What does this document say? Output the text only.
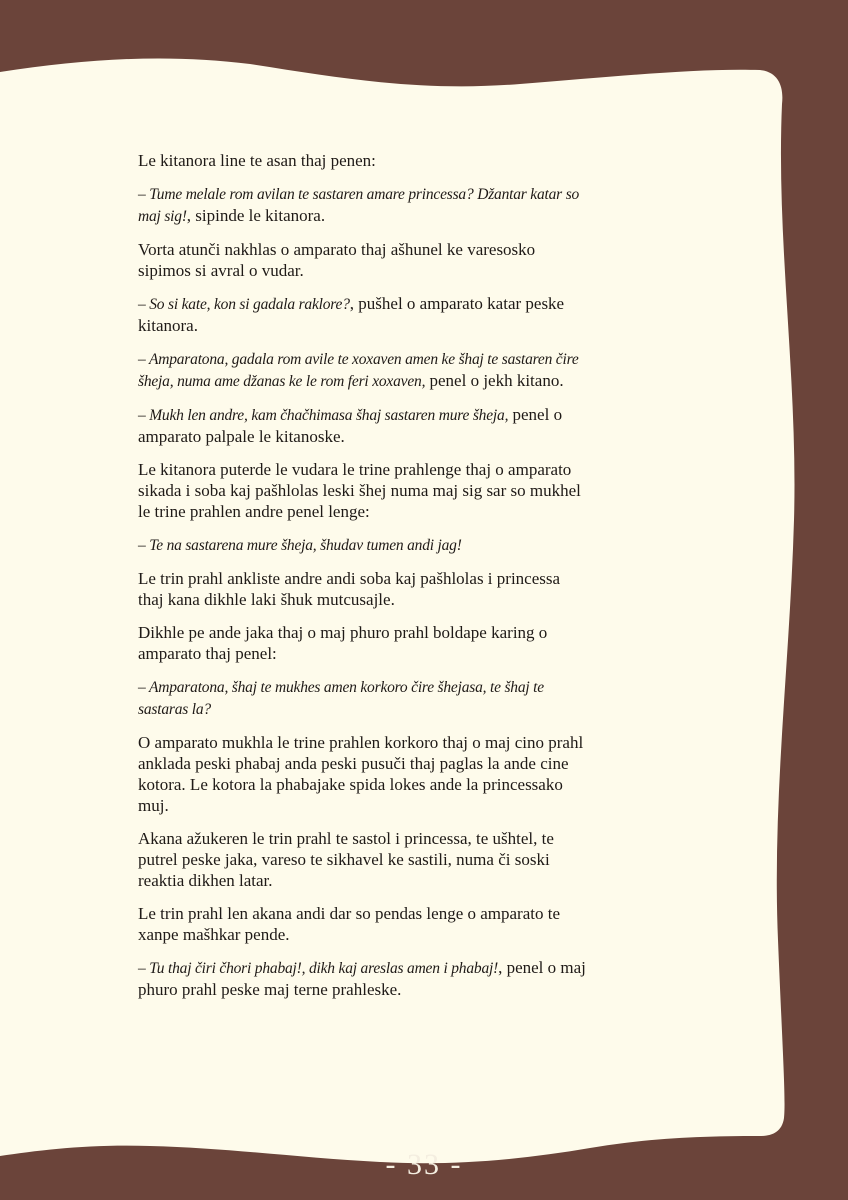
Le kitanora line te asan thaj penen:

– Tume melale rom avilan te sastaren amare princessa? Džantar katar so maj sig!, sipinde le kitanora.

Vorta atunči nakhlas o amparato thaj ašhunel ke varesosko sipimos si avral o vudar.

– So si kate, kon si gadala raklore?, pušhel o amparato katar peske kitanora.

– Amparatona, gadala rom avile te xoxaven amen ke šhaj te sastaren čire šheja, numa ame džanas ke le rom feri xoxaven, penel o jekh kitano.

– Mukh len andre, kam čhačhimasa šhaj sastaren mure šheja, penel o amparato palpale le kitanoske.

Le kitanora puterde le vudara le trine prahlenge thaj o amparato sikada i soba kaj pašhlolas leski šhej numa maj sig sar so mukhel le trine prahlen andre penel lenge:

– Te na sastarena mure šheja, šhudav tumen andi jag!

Le trin prahl ankliste andre andi soba kaj pašhlolas i princessa thaj kana dikhle laki šhuk mutcusajle.

Dikhle pe ande jaka thaj o maj phuro prahl boldape karing o amparato thaj penel:

– Amparatona, šhaj te mukhes amen korkoro čire šhejasa, te šhaj te sastaras la?

O amparato mukhla le trine prahlen korkoro thaj o maj cino prahl anklada peski phabaj anda peski pusuči thaj paglas la ande cine kotora. Le kotora la phabajake spida lokes ande la princessako muj.

Akana ažukeren le trin prahl te sastol i princessa, te ušhtel, te putrel peske jaka, vareso te sikhavel ke sastili, numa či soski reaktia dikhen latar.

Le trin prahl len akana andi dar so pendas lenge o amparato te xanpe mašhkar pende.

– Tu thaj čiri čhori phabaj!, dikh kaj areslas amen i phabaj!, penel o maj phuro prahl peske maj terne prahleske.

- 33 -
